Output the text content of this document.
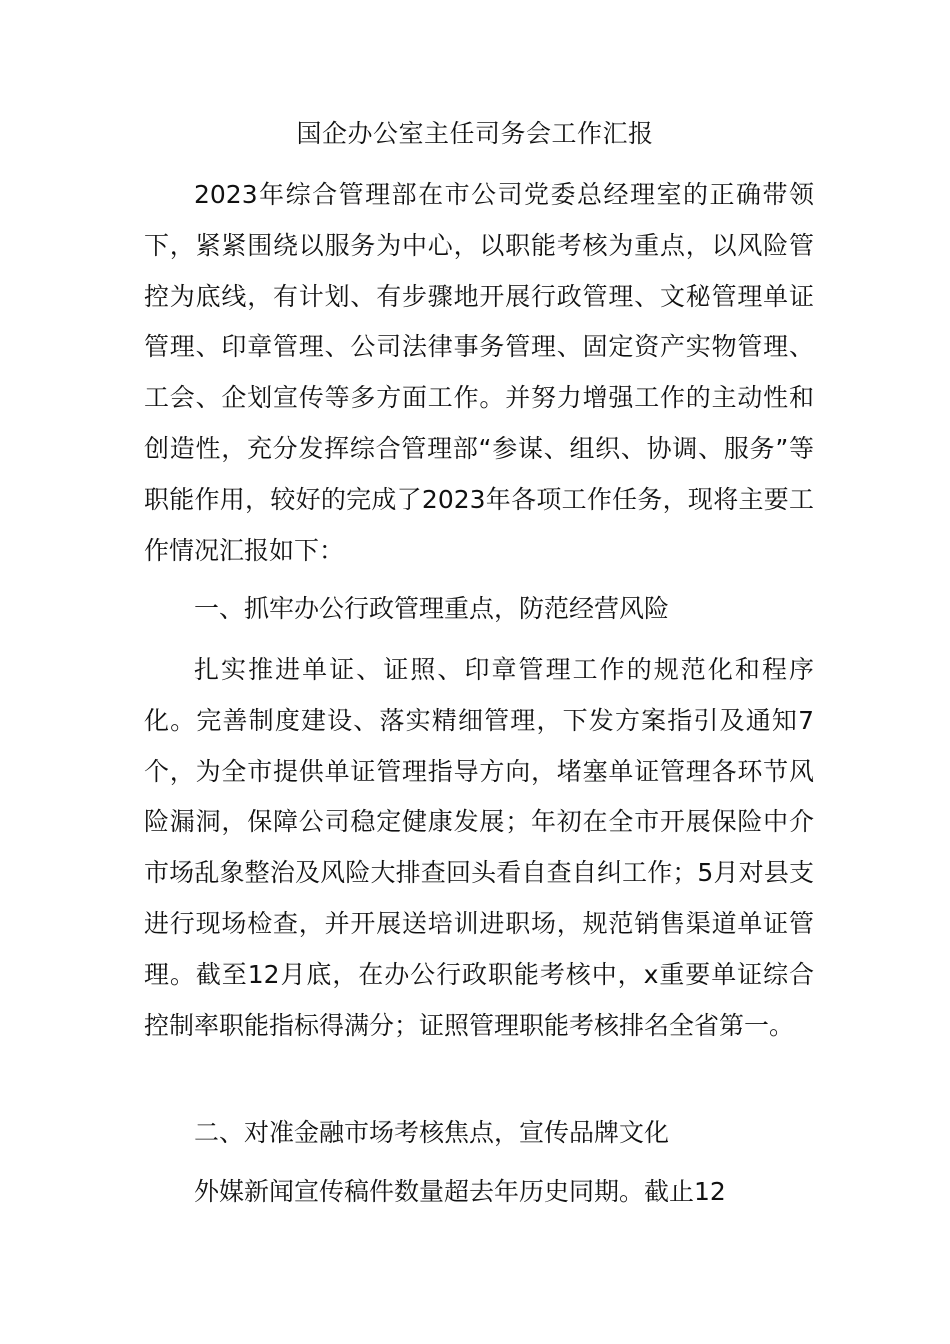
国企办公室主任司务会工作汇报

2023年综合管理部在市公司党委总经理室的正确带领下，紧紧围绕以服务为中心，以职能考核为重点，以风险管控为底线，有计划、有步骤地开展行政管理、文秘管理单证管理、印章管理、公司法律事务管理、固定资产实物管理、工会、企划宣传等多方面工作。并努力增强工作的主动性和创造性，充分发挥综合管理部“参谋、组织、协调、服务”等职能作用，较好的完成了2023年各项工作任务，现将主要工作情况汇报如下：

一、抓牢办公行政管理重点，防范经营风险

扎实推进单证、证照、印章管理工作的规范化和程序化。完善制度建设、落实精细管理，下发方案指引及通知7个，为全市提供单证管理指导方向，堵塞单证管理各环节风险漏洞，保障公司稳定健康发展；年初在全市开展保险中介市场乱象整治及风险大排查回头看自查自纠工作；5月对县支进行现场检查，并开展送培训进职场，规范销售渠道单证管理。截至12月底，在办公行政职能考核中，x重要单证综合控制率职能指标得满分；证照管理职能考核排名全省第一。

二、对准金融市场考核焦点，宣传品牌文化

外媒新闻宣传稿件数量超去年历史同期。截止12
